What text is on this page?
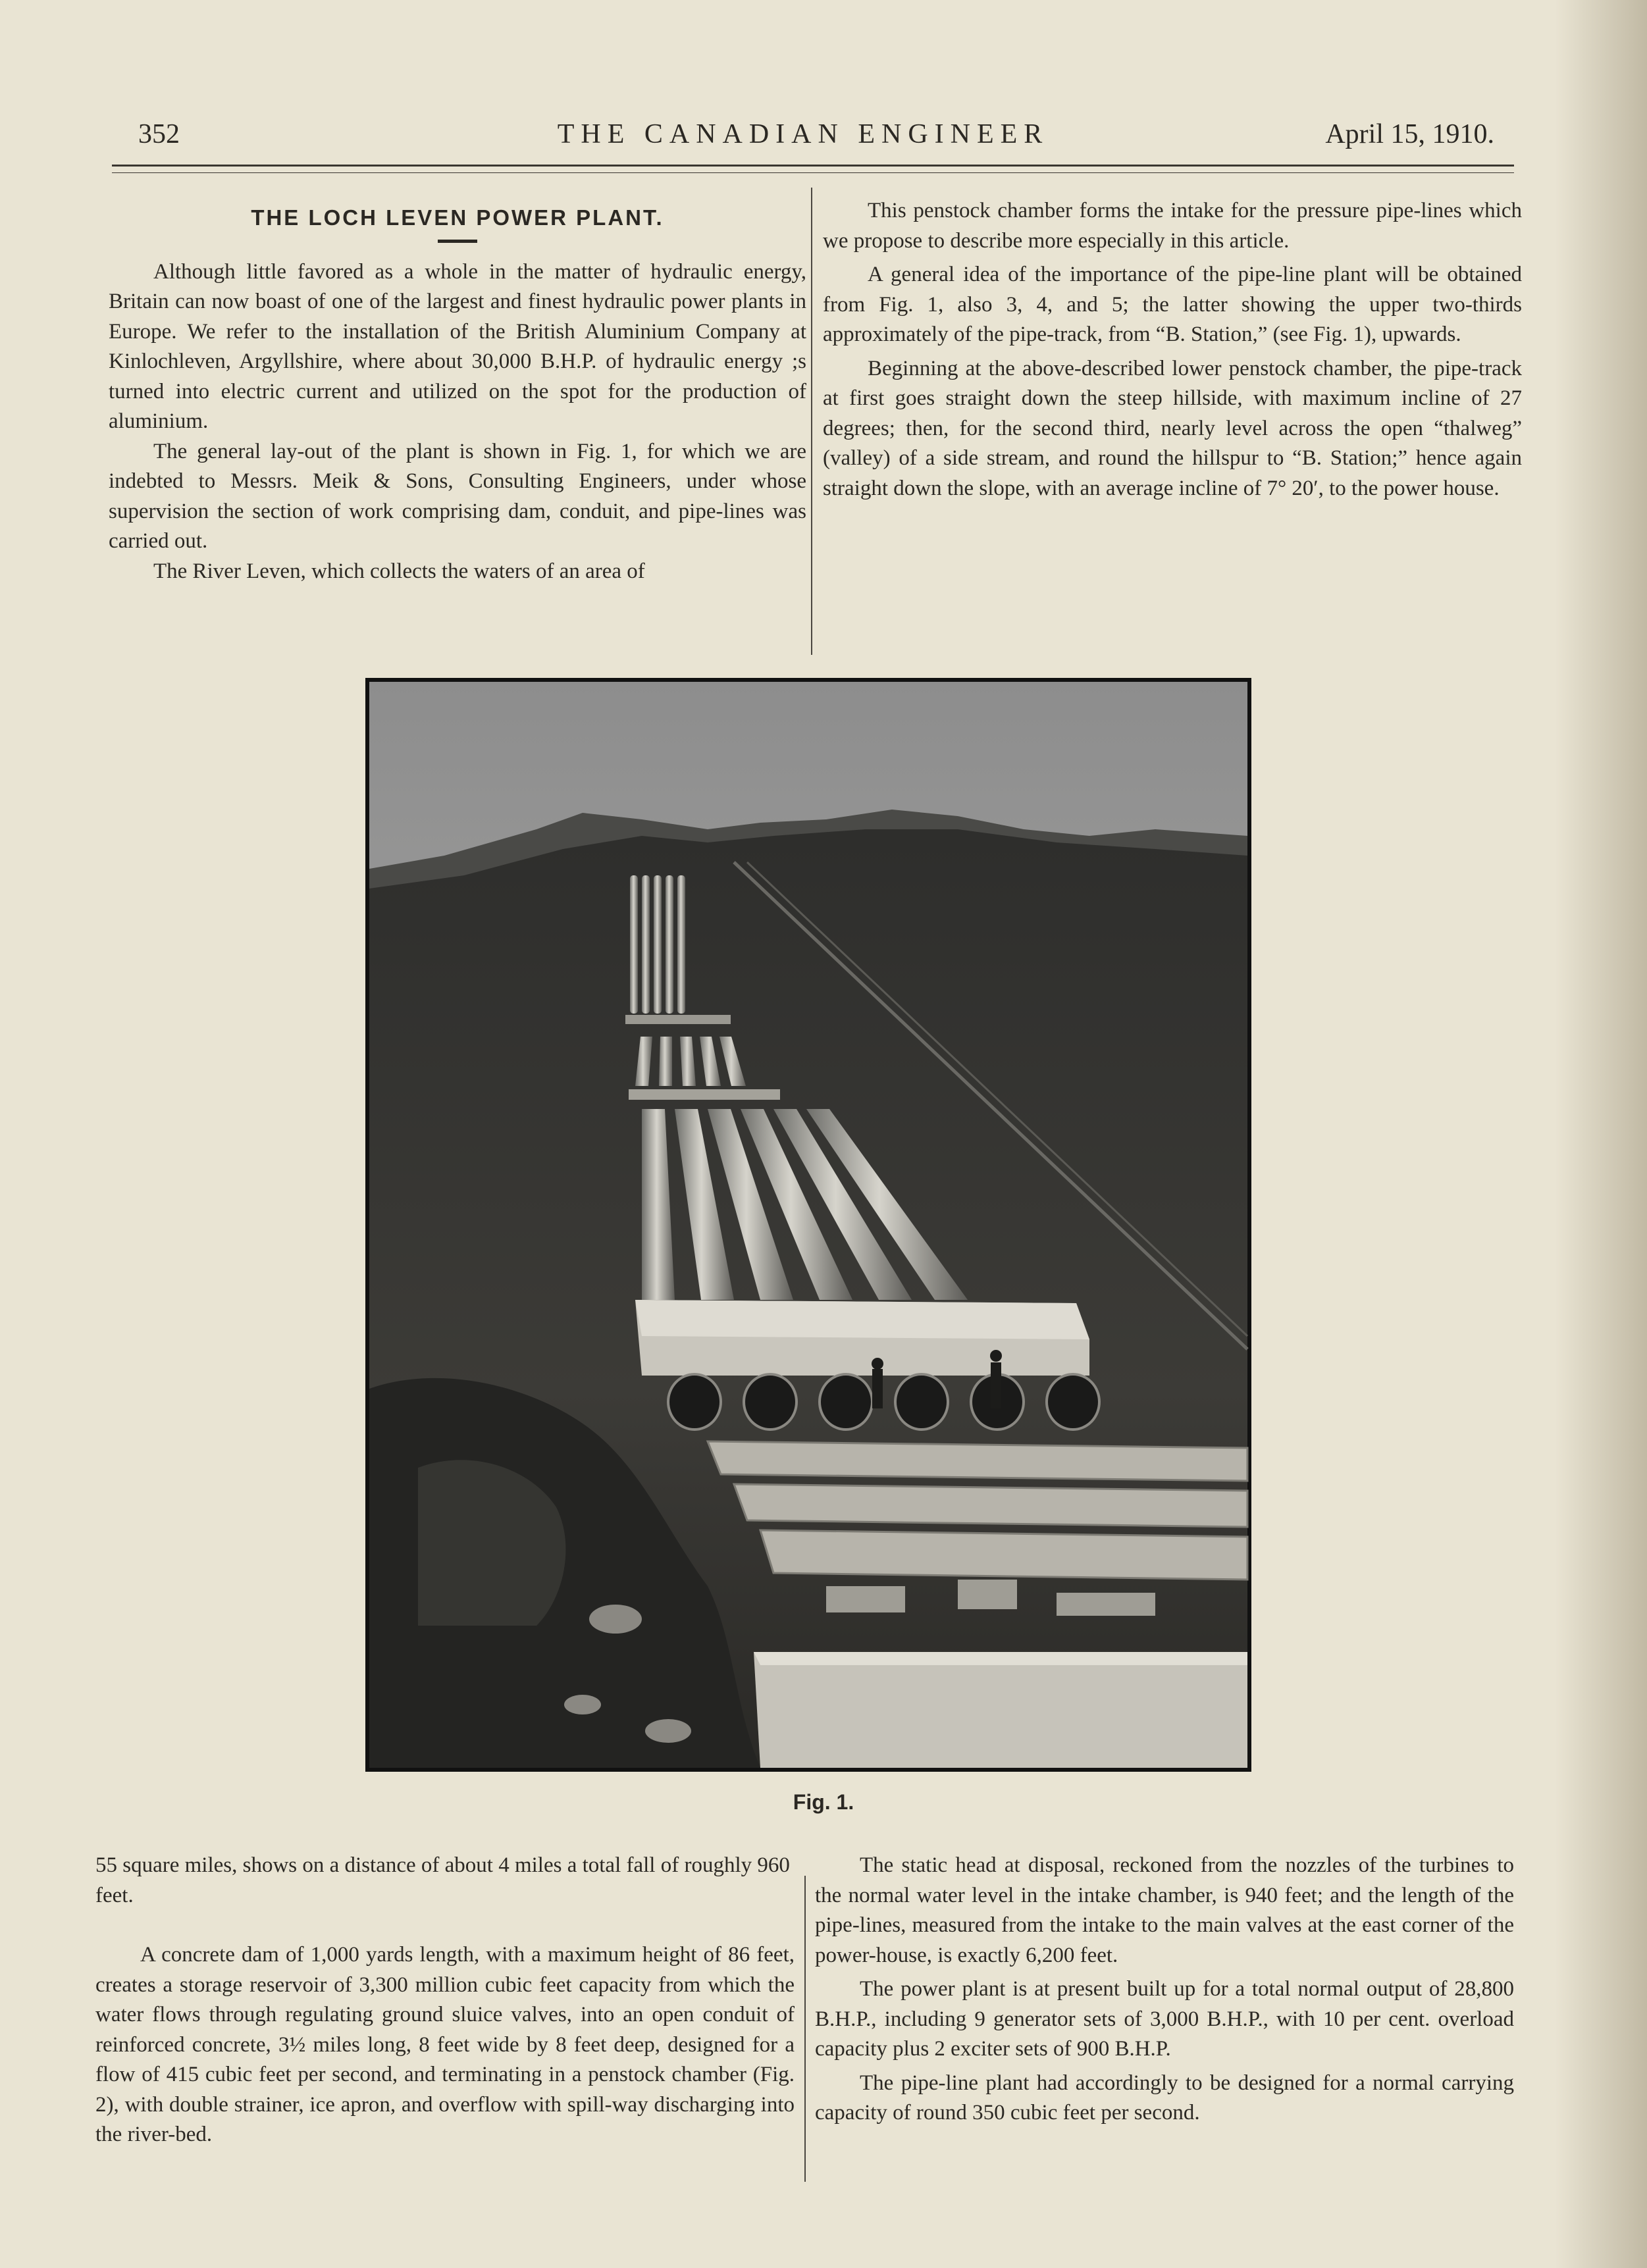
352	THE CANADIAN ENGINEER	April 15, 1910.
THE LOCH LEVEN POWER PLANT.

Although little favored as a whole in the matter of hydraulic energy, Britain can now boast of one of the largest and finest hydraulic power plants in Europe. We refer to the installation of the British Aluminium Company at Kinlochleven, Argyllshire, where about 30,000 B.H.P. of hydraulic energy ;s turned into electric current and utilized on the spot for the production of aluminium.

The general lay-out of the plant is shown in Fig. 1, for which we are indebted to Messrs. Meik & Sons, Consulting Engineers, under whose supervision the section of work comprising dam, conduit, and pipe-lines was carried out.

The River Leven, which collects the waters of an area of

This penstock chamber forms the intake for the pressure pipe-lines which we propose to describe more especially in this article.

A general idea of the importance of the pipe-line plant will be obtained from Fig. 1, also 3, 4, and 5; the latter showing the upper two-thirds approximately of the pipe-track, from “B. Station,” (see Fig. 1), upwards.

Beginning at the above-described lower penstock chamber, the pipe-track at first goes straight down the steep hillside, with maximum incline of 27 degrees; then, for the second third, nearly level across the open “thalweg” (valley) of a side stream, and round the hillspur to “B. Station;” hence again straight down the slope, with an average incline of 7° 20′, to the power house.

Fig. 1.

55 square miles, shows on a distance of about 4 miles a total fall of roughly 960 feet.

A concrete dam of 1,000 yards length, with a maximum height of 86 feet, creates a storage reservoir of 3,300 million cubic feet capacity from which the water flows through regulating ground sluice valves, into an open conduit of reinforced concrete, 3½ miles long, 8 feet wide by 8 feet deep, designed for a flow of 415 cubic feet per second, and terminating in a penstock chamber (Fig. 2), with double strainer, ice apron, and overflow with spill-way discharging into the river-bed.

The static head at disposal, reckoned from the nozzles of the turbines to the normal water level in the intake chamber, is 940 feet; and the length of the pipe-lines, measured from the intake to the main valves at the east corner of the power-house, is exactly 6,200 feet.

The power plant is at present built up for a total normal output of 28,800 B.H.P., including 9 generator sets of 3,000 B.H.P., with 10 per cent. overload capacity plus 2 exciter sets of 900 B.H.P.

The pipe-line plant had accordingly to be designed for a normal carrying capacity of round 350 cubic feet per second.
